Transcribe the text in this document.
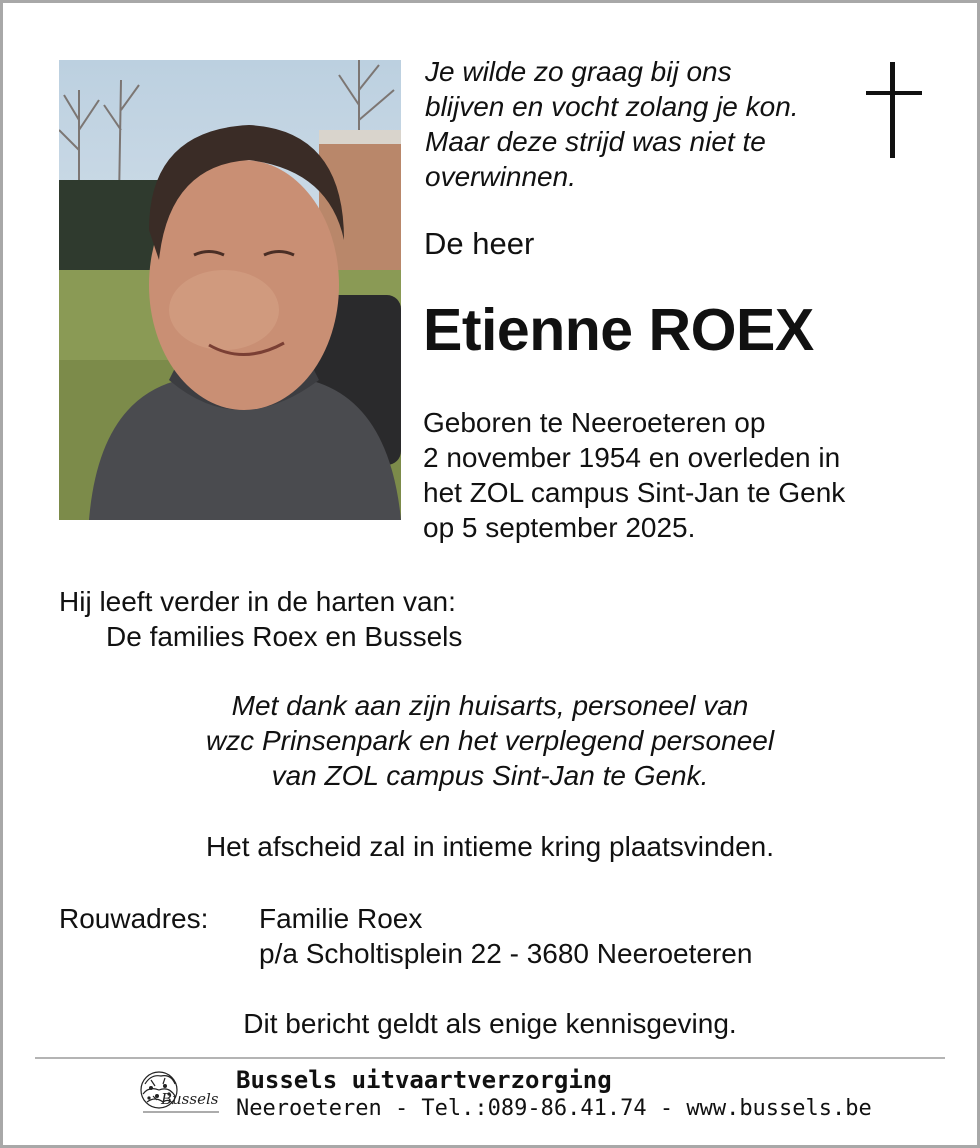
Je wilde zo graag bij ons
blijven en vocht zolang je kon.
Maar deze strijd was niet te
overwinnen.
De heer
Etienne ROEX
Geboren te Neeroeteren op
2 november 1954 en overleden in
het ZOL campus Sint-Jan te Genk
op 5 september 2025.
Hij leeft verder in de harten van:
De families Roex en Bussels
Met dank aan zijn huisarts, personeel van
wzc Prinsenpark en het verplegend personeel
van ZOL campus Sint-Jan te Genk.
Het afscheid zal in intieme kring plaatsvinden.
Rouwadres: Familie Roex
p/a Scholtisplein 22 - 3680 Neeroeteren
Dit bericht geldt als enige kennisgeving.
Bussels
Bussels uitvaartverzorging
Neeroeteren - Tel.:089-86.41.74 - www.bussels.be
